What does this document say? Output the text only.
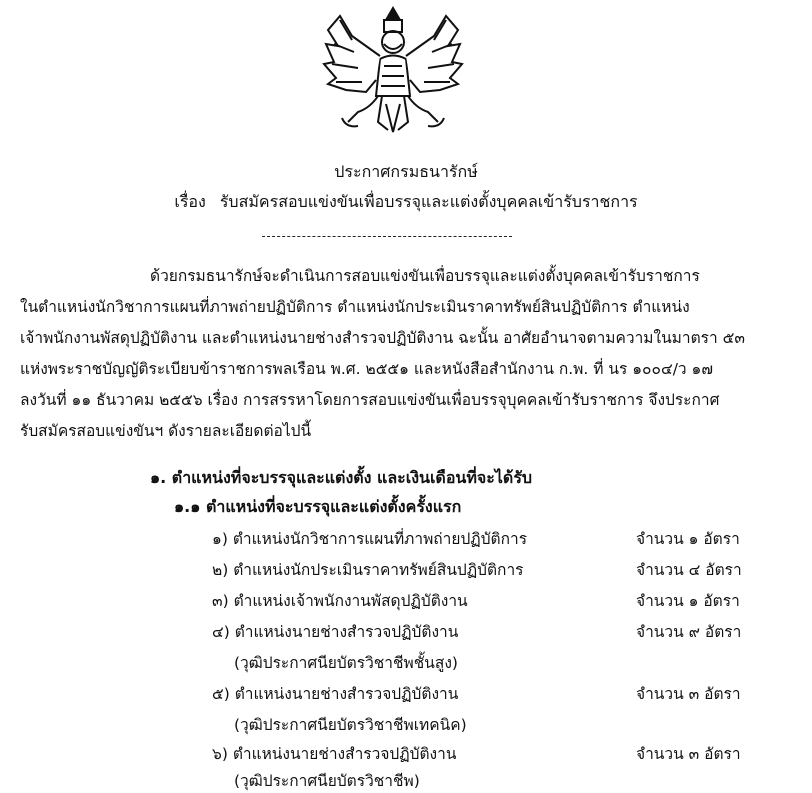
ประกาศกรมธนารักษ์
เรื่อง รับสมัครสอบแข่งขันเพื่อบรรจุและแต่งตั้งบุคคลเข้ารับราชการ
ด้วยกรมธนารักษ์จะดำเนินการสอบแข่งขันเพื่อบรรจุและแต่งตั้งบุคคลเข้ารับราชการ
ในตำแหน่งนักวิชาการแผนที่ภาพถ่ายปฏิบัติการ ตำแหน่งนักประเมินราคาทรัพย์สินปฏิบัติการ ตำแหน่ง
เจ้าพนักงานพัสดุปฏิบัติงาน และตำแหน่งนายช่างสำรวจปฏิบัติงาน ฉะนั้น อาศัยอำนาจตามความในมาตรา ๕๓
แห่งพระราชบัญญัติระเบียบข้าราชการพลเรือน พ.ศ. ๒๕๕๑ และหนังสือสำนักงาน ก.พ. ที่ นร ๑๐๐๔/ว ๑๗
ลงวันที่ ๑๑ ธันวาคม ๒๕๕๖ เรื่อง การสรรหาโดยการสอบแข่งขันเพื่อบรรจุบุคคลเข้ารับราชการ จึงประกาศ
รับสมัครสอบแข่งขันฯ ดังรายละเอียดต่อไปนี้
๑. ตำแหน่งที่จะบรรจุและแต่งตั้ง และเงินเดือนที่จะได้รับ
๑.๑ ตำแหน่งที่จะบรรจุและแต่งตั้งครั้งแรก
๑) ตำแหน่งนักวิชาการแผนที่ภาพถ่ายปฏิบัติการ	จำนวน ๑ อัตรา
๒) ตำแหน่งนักประเมินราคาทรัพย์สินปฏิบัติการ	จำนวน ๔ อัตรา
๓) ตำแหน่งเจ้าพนักงานพัสดุปฏิบัติงาน	จำนวน ๑ อัตรา
๔) ตำแหน่งนายช่างสำรวจปฏิบัติงาน	จำนวน ๙ อัตรา
(วุฒิประกาศนียบัตรวิชาชีพชั้นสูง)
๕) ตำแหน่งนายช่างสำรวจปฏิบัติงาน	จำนวน ๓ อัตรา
(วุฒิประกาศนียบัตรวิชาชีพเทคนิค)
๖) ตำแหน่งนายช่างสำรวจปฏิบัติงาน	จำนวน ๓ อัตรา
(วุฒิประกาศนียบัตรวิชาชีพ)
